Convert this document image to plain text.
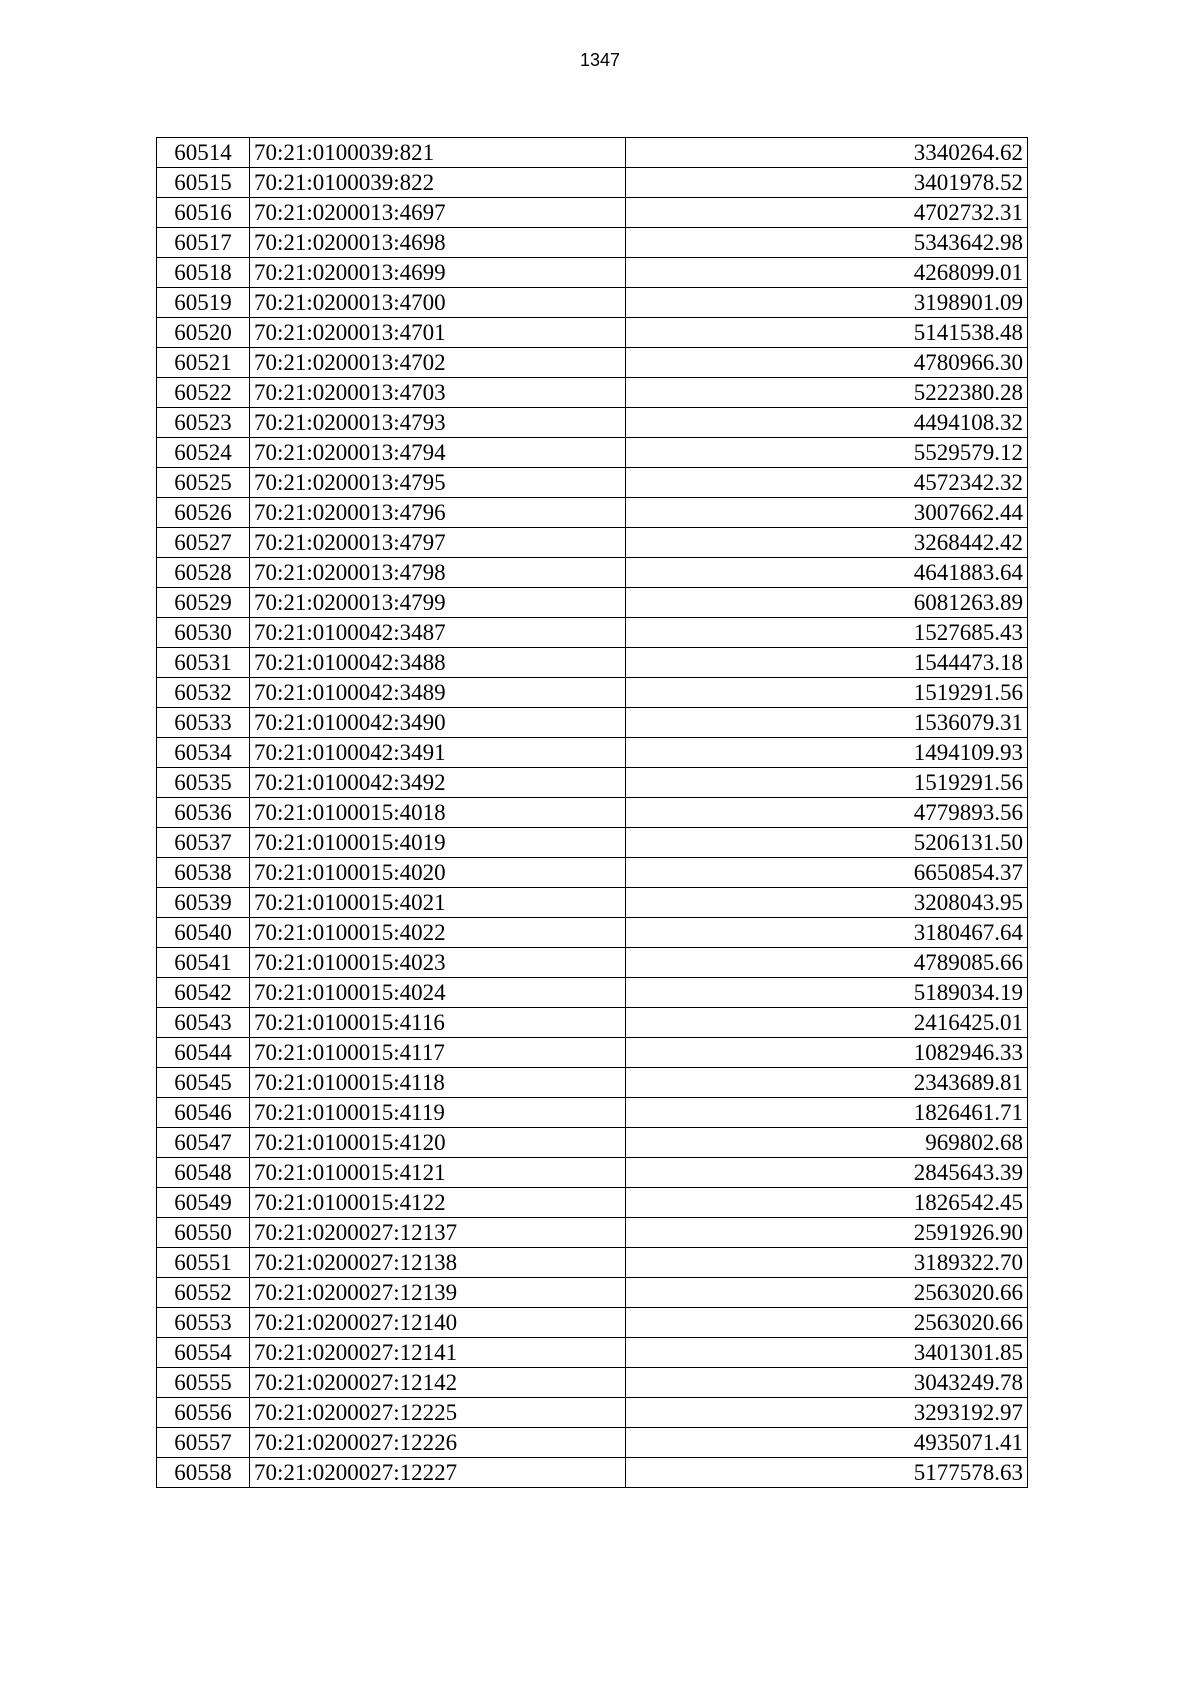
1347
60514	70:21:0100039:821	3340264.62
60515	70:21:0100039:822	3401978.52
60516	70:21:0200013:4697	4702732.31
60517	70:21:0200013:4698	5343642.98
60518	70:21:0200013:4699	4268099.01
60519	70:21:0200013:4700	3198901.09
60520	70:21:0200013:4701	5141538.48
60521	70:21:0200013:4702	4780966.30
60522	70:21:0200013:4703	5222380.28
60523	70:21:0200013:4793	4494108.32
60524	70:21:0200013:4794	5529579.12
60525	70:21:0200013:4795	4572342.32
60526	70:21:0200013:4796	3007662.44
60527	70:21:0200013:4797	3268442.42
60528	70:21:0200013:4798	4641883.64
60529	70:21:0200013:4799	6081263.89
60530	70:21:0100042:3487	1527685.43
60531	70:21:0100042:3488	1544473.18
60532	70:21:0100042:3489	1519291.56
60533	70:21:0100042:3490	1536079.31
60534	70:21:0100042:3491	1494109.93
60535	70:21:0100042:3492	1519291.56
60536	70:21:0100015:4018	4779893.56
60537	70:21:0100015:4019	5206131.50
60538	70:21:0100015:4020	6650854.37
60539	70:21:0100015:4021	3208043.95
60540	70:21:0100015:4022	3180467.64
60541	70:21:0100015:4023	4789085.66
60542	70:21:0100015:4024	5189034.19
60543	70:21:0100015:4116	2416425.01
60544	70:21:0100015:4117	1082946.33
60545	70:21:0100015:4118	2343689.81
60546	70:21:0100015:4119	1826461.71
60547	70:21:0100015:4120	969802.68
60548	70:21:0100015:4121	2845643.39
60549	70:21:0100015:4122	1826542.45
60550	70:21:0200027:12137	2591926.90
60551	70:21:0200027:12138	3189322.70
60552	70:21:0200027:12139	2563020.66
60553	70:21:0200027:12140	2563020.66
60554	70:21:0200027:12141	3401301.85
60555	70:21:0200027:12142	3043249.78
60556	70:21:0200027:12225	3293192.97
60557	70:21:0200027:12226	4935071.41
60558	70:21:0200027:12227	5177578.63
